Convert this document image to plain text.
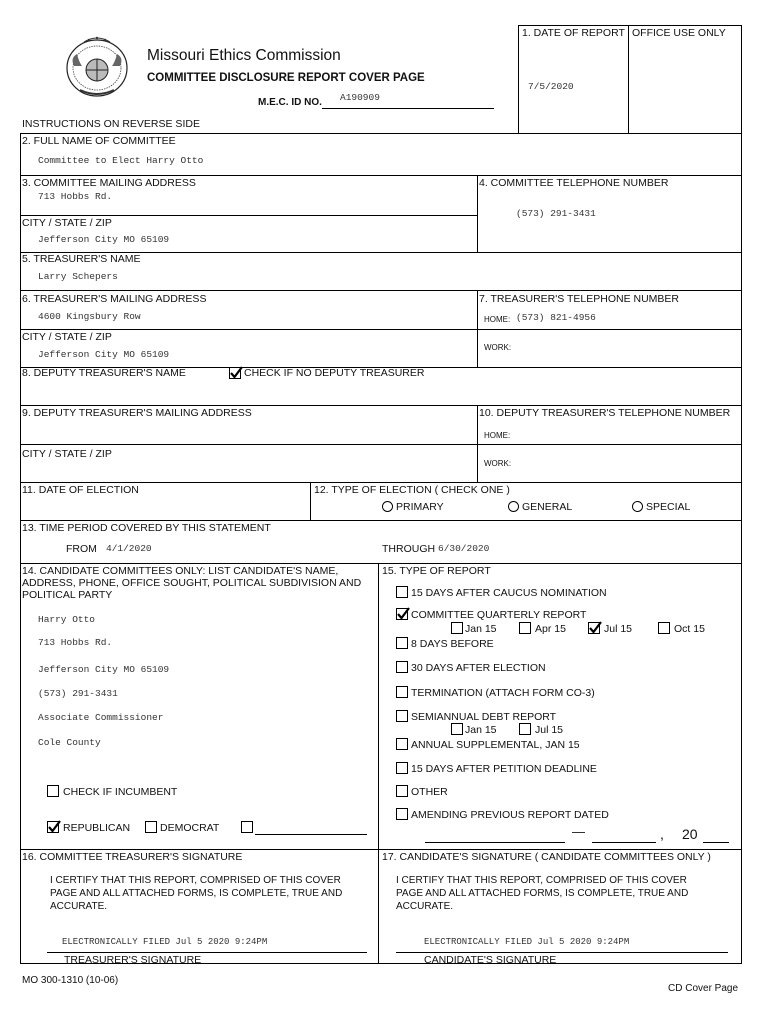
Missouri Ethics Commission
COMMITTEE DISCLOSURE REPORT COVER PAGE
M.E.C. ID NO. A190909
INSTRUCTIONS ON REVERSE SIDE
1. DATE OF REPORT
7/5/2020
OFFICE USE ONLY
2. FULL NAME OF COMMITTEE
Committee to Elect Harry Otto
3. COMMITTEE MAILING ADDRESS
713 Hobbs Rd.
CITY / STATE / ZIP
Jefferson City MO 65109
4. COMMITTEE TELEPHONE NUMBER
(573) 291-3431
5. TREASURER'S NAME
Larry Schepers
6. TREASURER'S MAILING ADDRESS
4600 Kingsbury Row
CITY / STATE / ZIP
Jefferson City MO 65109
7. TREASURER'S TELEPHONE NUMBER
HOME: (573) 821-4956
WORK:
8. DEPUTY TREASURER'S NAME	CHECK IF NO DEPUTY TREASURER
9. DEPUTY TREASURER'S MAILING ADDRESS
CITY / STATE / ZIP
10. DEPUTY TREASURER'S TELEPHONE NUMBER
HOME:
WORK:
11. DATE OF ELECTION	12. TYPE OF ELECTION ( CHECK ONE )
PRIMARY	GENERAL	SPECIAL
13. TIME PERIOD COVERED BY THIS STATEMENT
FROM 4/1/2020	THROUGH 6/30/2020
14. CANDIDATE COMMITTEES ONLY: LIST CANDIDATE'S NAME,
ADDRESS, PHONE, OFFICE SOUGHT, POLITICAL SUBDIVISION AND
POLITICAL PARTY
Harry Otto
713 Hobbs Rd.
Jefferson City MO 65109
(573) 291-3431
Associate Commissioner
Cole County
CHECK IF INCUMBENT
REPUBLICAN	DEMOCRAT
15. TYPE OF REPORT
15 DAYS AFTER CAUCUS NOMINATION
COMMITTEE QUARTERLY REPORT
Jan 15	Apr 15	Jul 15	Oct 15
8 DAYS BEFORE
30 DAYS AFTER ELECTION
TERMINATION (ATTACH FORM CO-3)
SEMIANNUAL DEBT REPORT
Jan 15	Jul 15
ANNUAL SUPPLEMENTAL, JAN 15
15 DAYS AFTER PETITION DEADLINE
OTHER
AMENDING PREVIOUS REPORT DATED
—	, 20
16. COMMITTEE TREASURER'S SIGNATURE	17. CANDIDATE'S SIGNATURE ( CANDIDATE COMMITTEES ONLY )
I CERTIFY THAT THIS REPORT, COMPRISED OF THIS COVER PAGE AND ALL ATTACHED FORMS, IS COMPLETE, TRUE AND ACCURATE.
I CERTIFY THAT THIS REPORT, COMPRISED OF THIS COVER PAGE AND ALL ATTACHED FORMS, IS COMPLETE, TRUE AND ACCURATE.
ELECTRONICALLY FILED Jul 5 2020 9:24PM	ELECTRONICALLY FILED Jul 5 2020 9:24PM
TREASURER'S SIGNATURE	CANDIDATE'S SIGNATURE
MO 300-1310 (10-06)
CD Cover Page
